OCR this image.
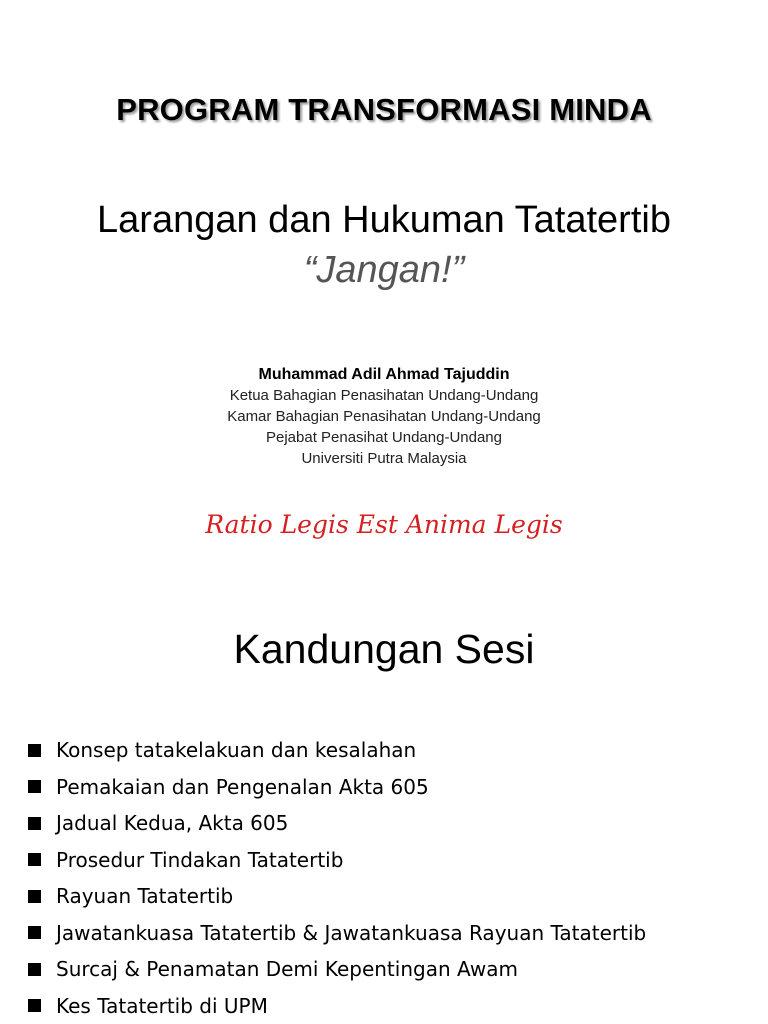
PROGRAM TRANSFORMASI MINDA
Larangan dan Hukuman Tatatertib
“Jangan!”
Muhammad Adil Ahmad Tajuddin
Ketua Bahagian Penasihatan Undang-Undang
Kamar Bahagian Penasihatan Undang-Undang
Pejabat Penasihat Undang-Undang
Universiti Putra Malaysia
Ratio Legis Est Anima Legis
Kandungan Sesi
Konsep tatakelakuan dan kesalahan
Pemakaian dan Pengenalan Akta 605
Jadual Kedua, Akta 605
Prosedur Tindakan Tatatertib
Rayuan Tatatertib
Jawatankuasa Tatatertib & Jawatankuasa Rayuan Tatatertib
Surcaj & Penamatan Demi Kepentingan Awam
Kes Tatatertib di UPM
